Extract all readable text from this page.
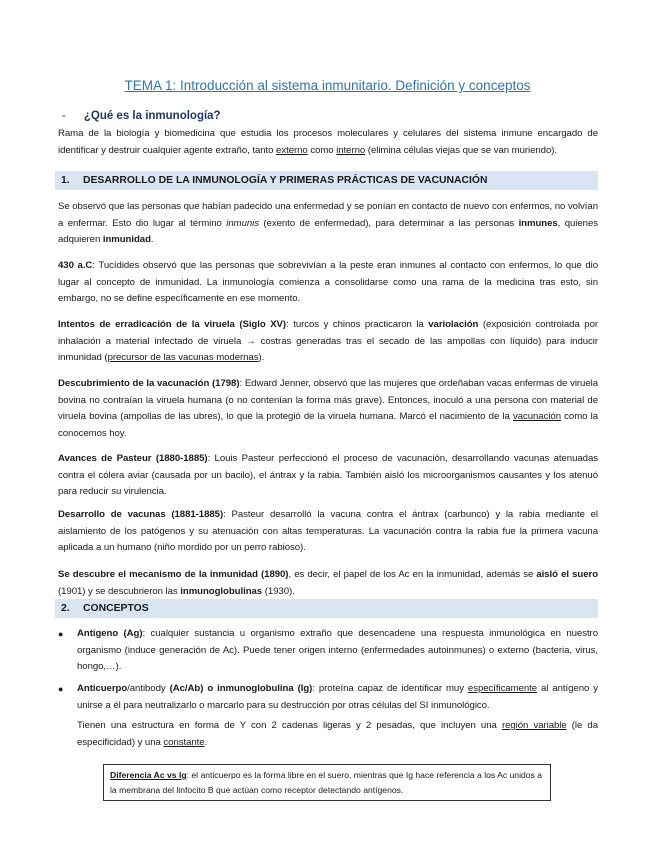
TEMA 1: Introducción al sistema inmunitario. Definición y conceptos
- ¿Qué es la inmunología?
Rama de la biología y biomedicina que estudia los procesos moleculares y celulares del sistema inmune encargado de identificar y destruir cualquier agente extraño, tanto externo como interno (elimina células viejas que se van muriendo).
1. DESARROLLO DE LA INMUNOLOGÍA Y PRIMERAS PRÁCTICAS DE VACUNACIÓN
Se observó que las personas que habían padecido una enfermedad y se ponían en contacto de nuevo con enfermos, no volvían a enfermar. Esto dio lugar al término inmunis (exento de enfermedad), para determinar a las personas inmunes, quienes adquieren inmunidad.
430 a.C: Tucídides observó que las personas que sobrevivían a la peste eran inmunes al contacto con enfermos, lo que dio lugar al concepto de inmunidad. La inmunología comienza a consolidarse como una rama de la medicina tras esto, sin embargo, no se define específicamente en ese momento.
Intentos de erradicación de la viruela (Siglo XV): turcos y chinos practicaron la variolación (exposición controlada por inhalación a material infectado de viruela → costras generadas tras el secado de las ampollas con líquido) para inducir inmunidad (precursor de las vacunas modernas).
Descubrimiento de la vacunación (1798): Edward Jenner, observó que las mujeres que ordeñaban vacas enfermas de viruela bovina no contraían la viruela humana (o no contenían la forma más grave). Entonces, inoculó a una persona con material de viruela bovina (ampollas de las ubres), lo que la protegió de la viruela humana. Marcó el nacimiento de la vacunación como la conocemos hoy.
Avances de Pasteur (1880-1885): Louis Pasteur perfeccionó el proceso de vacunación, desarrollando vacunas atenuadas contra el cólera aviar (causada por un bacilo), el ántrax y la rabia. También aisló los microorganismos causantes y los atenuó para reducir su virulencia.
Desarrollo de vacunas (1881-1885): Pasteur desarrolló la vacuna contra el ántrax (carbunco) y la rabia mediante el aislamiento de los patógenos y su atenuación con altas temperaturas. La vacunación contra la rabia fue la primera vacuna aplicada a un humano (niño mordido por un perro rabioso).
Se descubre el mecanismo de la inmunidad (1890), es decir, el papel de los Ac en la inmunidad, además se aisló el suero (1901) y se descubrieron las inmunoglobulinas (1930).
2. CONCEPTOS
● Antígeno (Ag): cualquier sustancia u organismo extraño que desencadene una respuesta inmunológica en nuestro organismo (induce generación de Ac). Puede tener origen interno (enfermedades autoinmunes) o externo (bacteria, virus, hongo,…).
● Anticuerpo/antibody (Ac/Ab) o inmunoglobulina (Ig): proteína capaz de identificar muy específicamente al antígeno y unirse a él para neutralizarlo o marcarlo para su destrucción por otras células del SI inmunológico.
Tienen una estructura en forma de Y con 2 cadenas ligeras y 2 pesadas, que incluyen una región variable (le da especificidad) y una constante.
Diferencia Ac vs Ig: el anticuerpo es la forma libre en el suero, mientras que Ig hace referencia a los Ac unidos a la membrana del linfocito B que actúan como receptor detectando antígenos.
